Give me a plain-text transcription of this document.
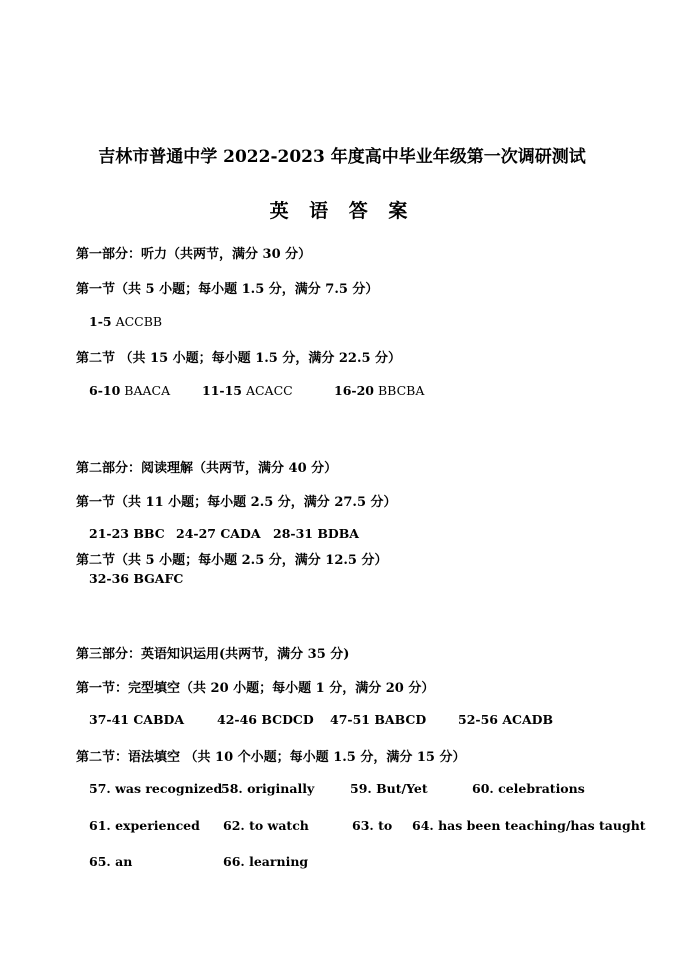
吉林市普通中学 2022-2023 年度高中毕业年级第一次调研测试
英 语 答 案
第一部分：听力（共两节，满分 30 分）
第一节（共 5 小题；每小题 1.5 分，满分 7.5 分）
1-5 ACCBB
第二节 （共 15 小题；每小题 1.5 分，满分 22.5 分）
6-10 BAACA	11-15 ACACC	16-20 BBCBA
第二部分：阅读理解（共两节，满分 40 分）
第一节（共 11 小题；每小题 2.5 分，满分 27.5 分）
21-23 BBC 24-27 CADA 28-31 BDBA
第二节（共 5 小题；每小题 2.5 分，满分 12.5 分）
32-36 BGAFC
第三部分：英语知识运用(共两节，满分 35 分)
第一节：完型填空（共 20 小题；每小题 1 分，满分 20 分）
37-41 CABDA	42-46 BCDCD 47-51 BABCD	52-56 ACADB
第二节：语法填空 （共 10 个小题；每小题 1.5 分，满分 15 分）
57. was recognized
58. originally	59. But/Yet	60. celebrations
61. experienced 62. to watch	63. to 64. has been teaching/has taught
65. an	66. learning
